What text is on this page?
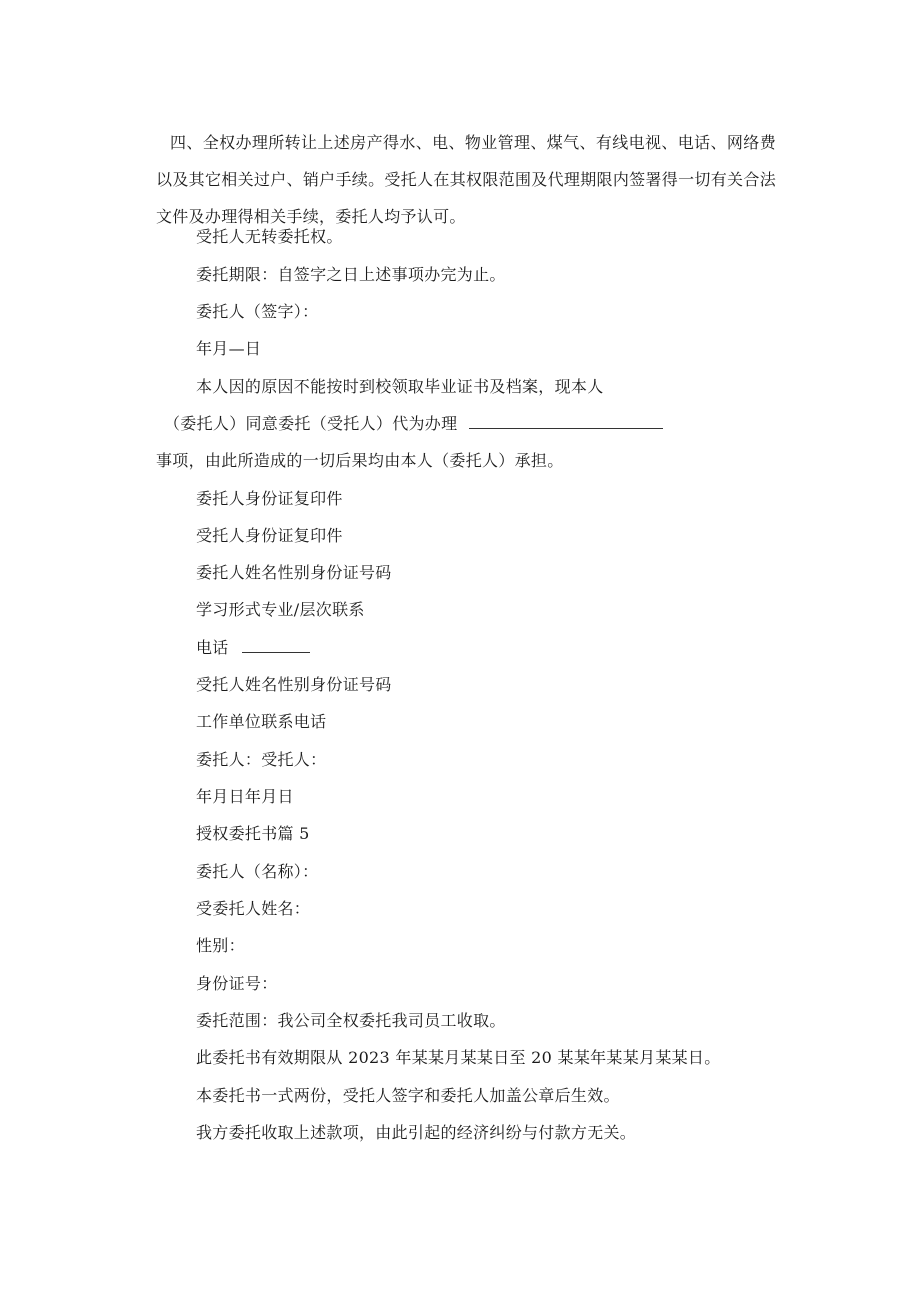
四、全权办理所转让上述房产得水、电、物业管理、煤气、有线电视、电话、网络费以及其它相关过户、销户手续。受托人在其权限范围及代理期限内签署得一切有关合法文件及办理得相关手续，委托人均予认可。
受托人无转委托权。
委托期限：自签字之日上述事项办完为止。
委托人（签字）：
年月—日
本人因的原因不能按时到校领取毕业证书及档案，现本人
（委托人）同意委托（受托人）代为办理
事项，由此所造成的一切后果均由本人（委托人）承担。
委托人身份证复印件
受托人身份证复印件
委托人姓名性别身份证号码
学习形式专业/层次联系
电话
受托人姓名性别身份证号码
工作单位联系电话
委托人：受托人：
年月日年月日
授权委托书篇 5
委托人（名称）：
受委托人姓名：
性别：
身份证号：
委托范围：我公司全权委托我司员工收取。
此委托书有效期限从 2023 年某某月某某日至 20 某某年某某月某某日。
本委托书一式两份，受托人签字和委托人加盖公章后生效。
我方委托收取上述款项，由此引起的经济纠纷与付款方无关。
